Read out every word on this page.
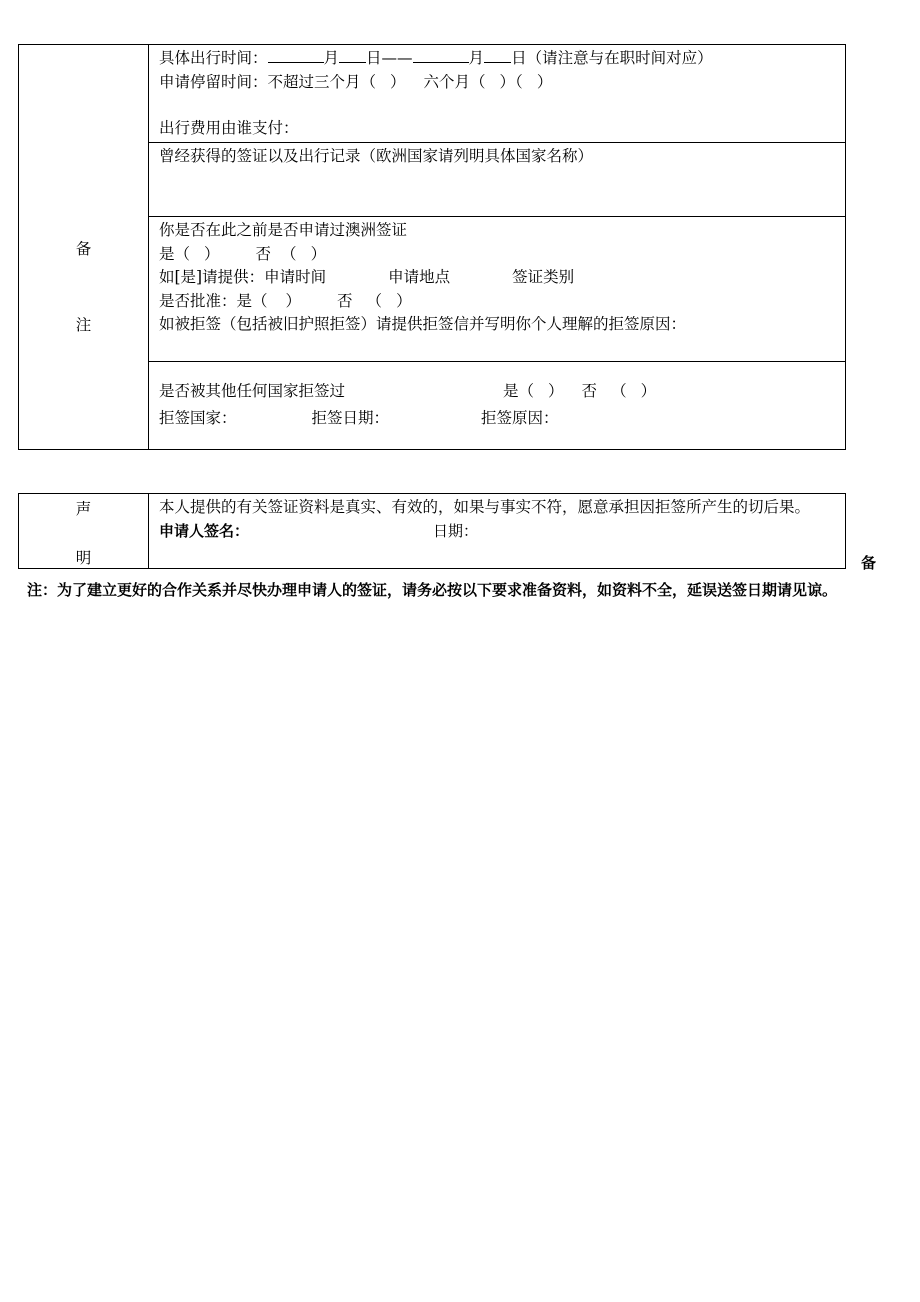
备
注

具体出行时间：	月 日——	月 日（请注意与在职时间对应）
申请停留时间：不超过三个月（ ） 六个月（ ）（ ）
出行费用由谁支付：

曾经获得的签证以及出行记录（欧洲国家请列明具体国家名称）

你是否在此之前是否申请过澳洲签证
是（ ） 否 （ ）
如[是]请提供：申请时间	申请地点	签证类别
是否批准：是（ ） 否 （ ）
如被拒签（包括被旧护照拒签）请提供拒签信并写明你个人理解的拒签原因：

是否被其他任何国家拒签过	是（ ） 否 （ ）
拒签国家：	拒签日期：	拒签原因：
声
明

本人提供的有关签证资料是真实、有效的，如果与事实不符，愿意承担因拒签所产生的切后果。
申请人签名：	日期：
备
注：为了建立更好的合作关系并尽快办理申请人的签证，请务必按以下要求准备资料，如资料不全，延误送签日期请见谅。
